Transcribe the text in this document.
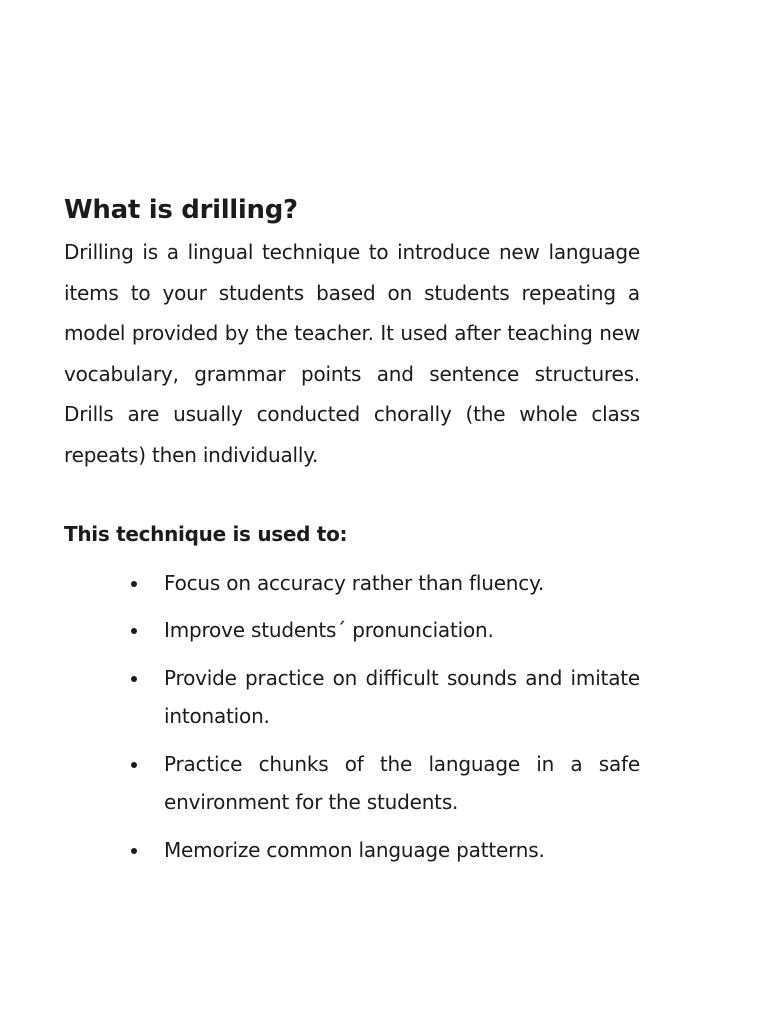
What is drilling?

Drilling is a lingual technique to introduce new language items to your students based on students repeating a model provided by the teacher. It used after teaching new vocabulary, grammar points and sentence structures. Drills are usually conducted chorally (the whole class repeats) then individually.

This technique is used to:
Focus on accuracy rather than fluency.
Improve students´ pronunciation.
Provide practice on difficult sounds and imitate intonation.
Practice chunks of the language in a safe environment for the students.
Memorize common language patterns.
